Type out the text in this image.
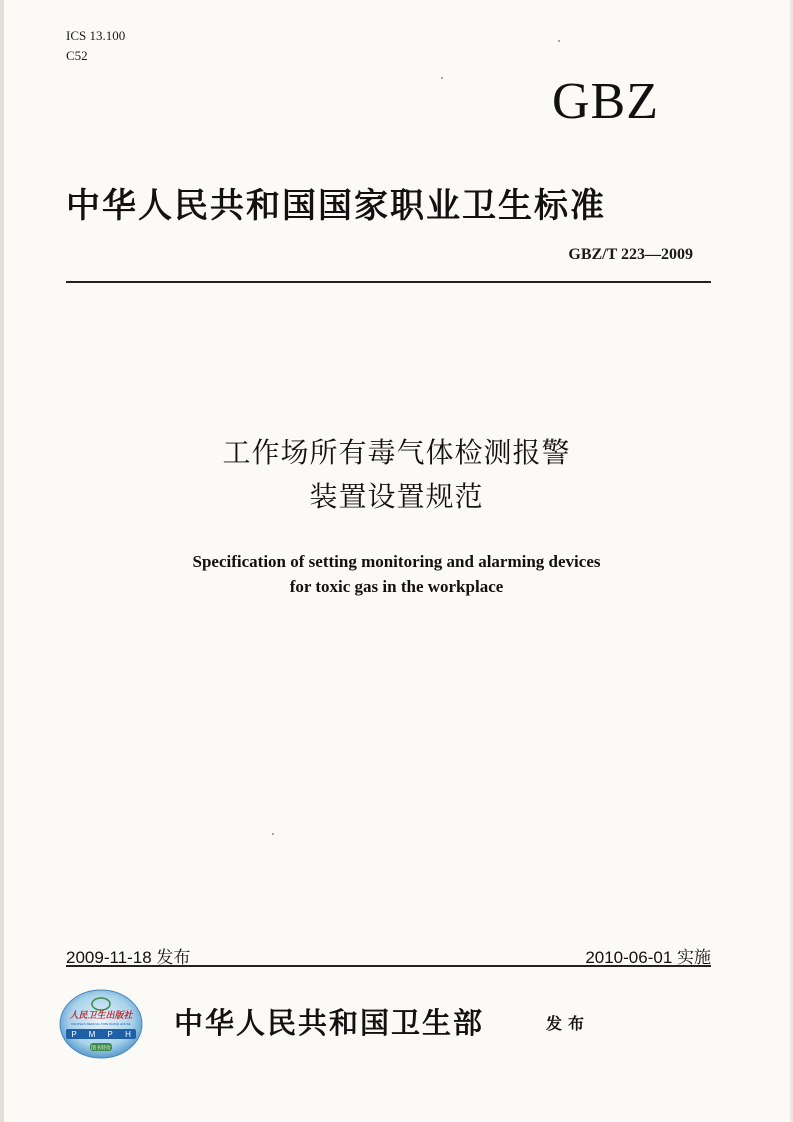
ICS 13.100
C52
GBZ
中华人民共和国国家职业卫生标准
GBZ/T 223—2009
工作场所有毒气体检测报警
装置设置规范
Specification of setting monitoring and alarming devices
for toxic gas in the workplace
2009-11-18 发布	2010-06-01 实施
人民卫生出版社
PEOPLE'S MEDICAL PUBLISHING HOUSE
P M P H
图书特价
中华人民共和国卫生部	发布
